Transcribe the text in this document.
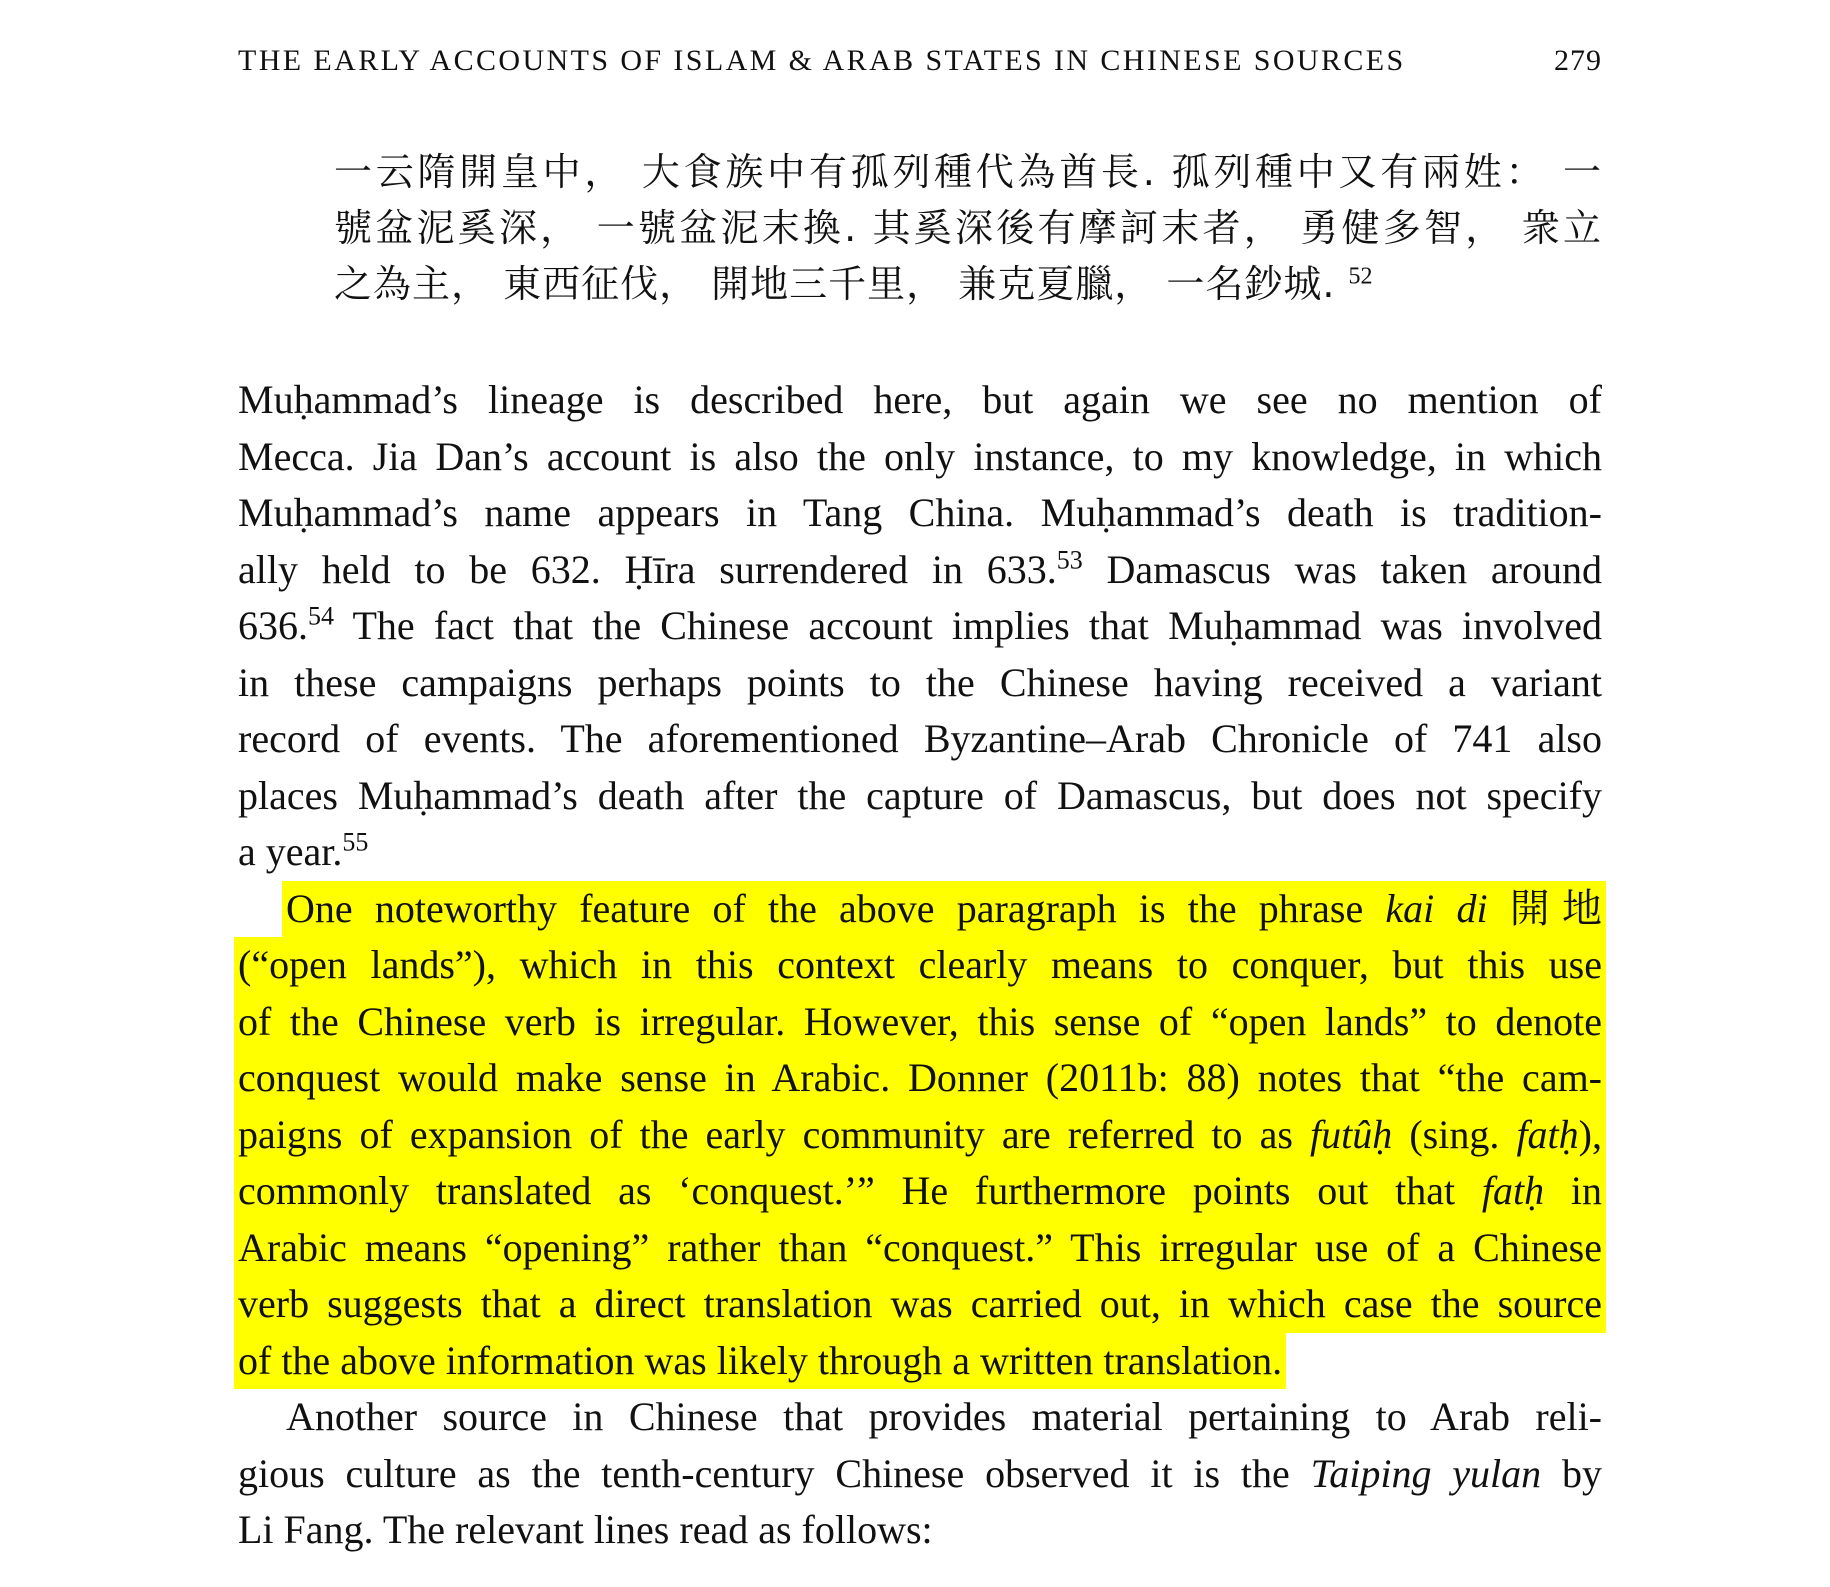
THE EARLY ACCOUNTS OF ISLAM & ARAB STATES IN CHINESE SOURCES	279
一云隋開皇中， 大食族中有孤列種代為酋長. 孤列種中又有兩姓： 一
號盆泥奚深， 一號盆泥末換. 其奚深後有摩訶末者， 勇健多智， 衆立
之為主， 東西征伐， 開地三千里， 兼克夏臘， 一名鈔城. $^{52}$
Muḥammad’s lineage is described here, but again we see no mention of
Mecca. Jia Dan’s account is also the only instance, to my knowledge, in which
Muḥammad’s name appears in Tang China. Muḥammad’s death is tradition-
ally held to be 632. Ḥīra surrendered in 633.53 Damascus was taken around
636.54 The fact that the Chinese account implies that Muḥammad was involved
in these campaigns perhaps points to the Chinese having received a variant
record of events. The aforementioned Byzantine–Arab Chronicle of 741 also
places Muḥammad’s death after the capture of Damascus, but does not specify
a year.$^{55}$
One noteworthy feature of the above paragraph is the phrase kai di 開地
(“open lands”), which in this context clearly means to conquer, but this use
of the Chinese verb is irregular. However, this sense of “open lands” to denote
conquest would make sense in Arabic. Donner (2011b: 88) notes that “the cam-
paigns of expansion of the early community are referred to as futûḥ (sing. fatḥ),
commonly translated as ‘conquest.’” He furthermore points out that fatḥ in
Arabic means “opening” rather than “conquest.” This irregular use of a Chinese
verb suggests that a direct translation was carried out, in which case the source
of the above information was likely through a written translation.
Another source in Chinese that provides material pertaining to Arab reli-
gious culture as the tenth-century Chinese observed it is the Taiping yulan by
Li Fang. The relevant lines read as follows:
